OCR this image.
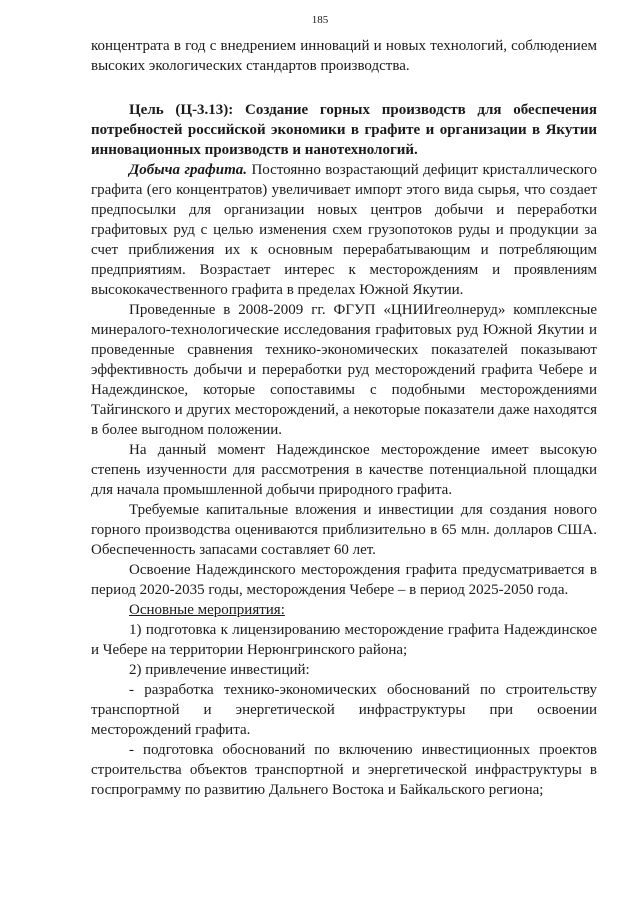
185

концентрата в год с внедрением инноваций и новых технологий, соблюдением высоких экологических стандартов производства.

Цель (Ц-3.13): Создание горных производств для обеспечения потребностей российской экономики в графите и организации в Якутии инновационных производств и нанотехнологий.

Добыча графита. Постоянно возрастающий дефицит кристаллического графита (его концентратов) увеличивает импорт этого вида сырья, что создает предпосылки для организации новых центров добычи и переработки графитовых руд с целью изменения схем грузопотоков руды и продукции за счет приближения их к основным перерабатывающим и потребляющим предприятиям. Возрастает интерес к месторождениям и проявлениям высококачественного графита в пределах Южной Якутии.

Проведенные в 2008-2009 гг. ФГУП «ЦНИИгеолнеруд» комплексные минералого-технологические исследования графитовых руд Южной Якутии и проведенные сравнения технико-экономических показателей показывают эффективность добычи и переработки руд месторождений графита Чебере и Надеждинское, которые сопоставимы с подобными месторождениями Тайгинского и других месторождений, а некоторые показатели даже находятся в более выгодном положении.

На данный момент Надеждинское месторождение имеет высокую степень изученности для рассмотрения в качестве потенциальной площадки для начала промышленной добычи природного графита.

Требуемые капитальные вложения и инвестиции для создания нового горного производства оцениваются приблизительно в 65 млн. долларов США. Обеспеченность запасами составляет 60 лет.

Освоение Надеждинского месторождения графита предусматривается в период 2020-2035 годы, месторождения Чебере – в период 2025-2050 года.

Основные мероприятия:

1) подготовка к лицензированию месторождение графита Надеждинское и Чебере на территории Нерюнгринского района;

2) привлечение инвестиций:

- разработка технико-экономических обоснований по строительству транспортной и энергетической инфраструктуры при освоении месторождений графита.

- подготовка обоснований по включению инвестиционных проектов строительства объектов транспортной и энергетической инфраструктуры в госпрограмму по развитию Дальнего Востока и Байкальского региона;
